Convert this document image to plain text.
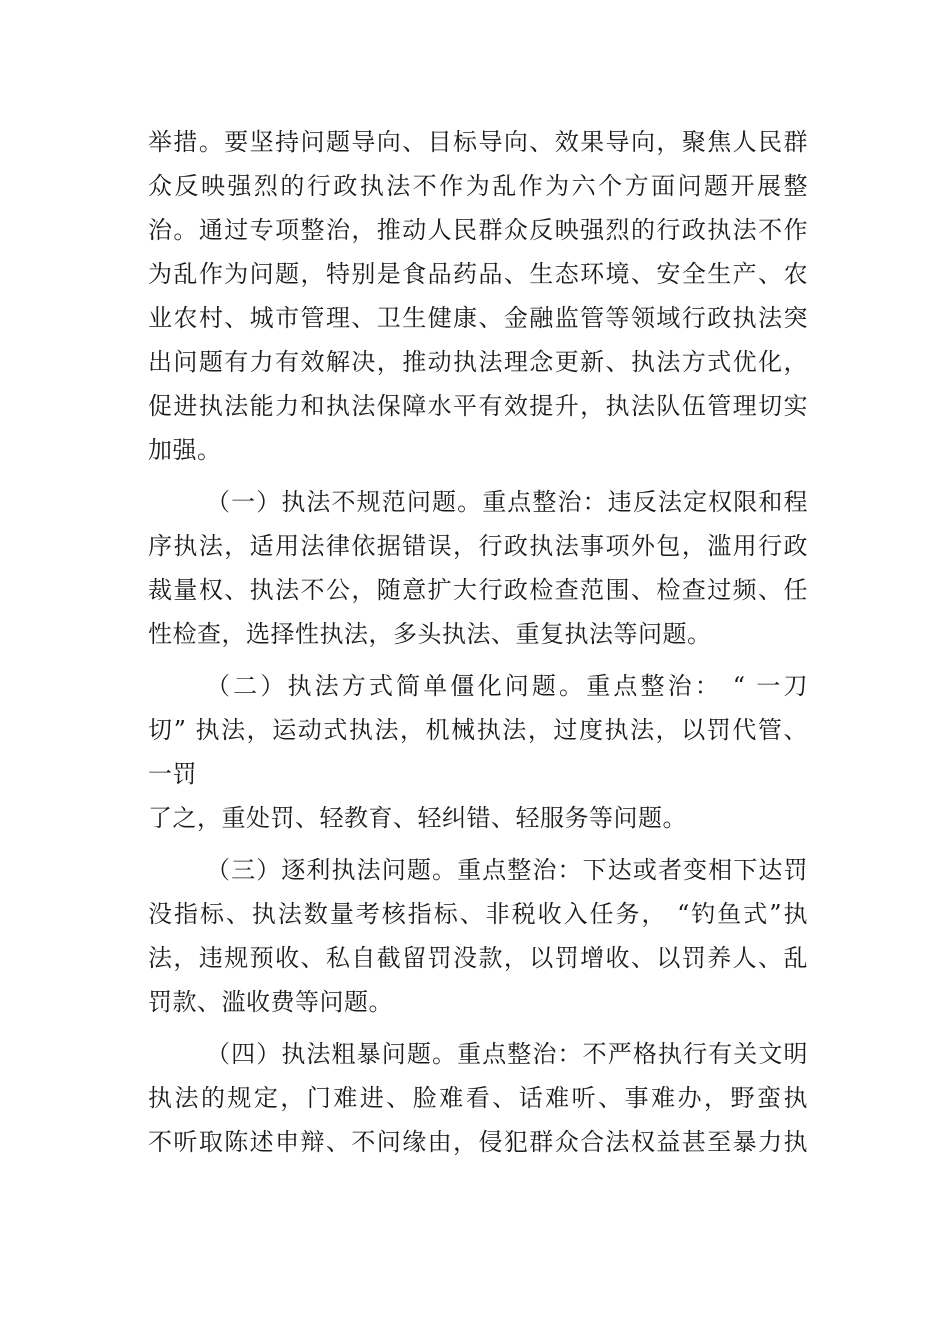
举措。要坚持问题导向、目标导向、效果导向，聚焦人民群
众反映强烈的行政执法不作为乱作为六个方面问题开展整
治。通过专项整治，推动人民群众反映强烈的行政执法不作
为乱作为问题，特别是食品药品、生态环境、安全生产、农
业农村、城市管理、卫生健康、金融监管等领域行政执法突
出问题有力有效解决，推动执法理念更新、执法方式优化，
促进执法能力和执法保障水平有效提升，执法队伍管理切实
加强。
（一）执法不规范问题。重点整治：违反法定权限和程
序执法，适用法律依据错误，行政执法事项外包，滥用行政
裁量权、执法不公，随意扩大行政检查范围、检查过频、任
性检查，选择性执法，多头执法、重复执法等问题。
（二）执法方式简单僵化问题。重点整治： “ 一刀
切” 执法，运动式执法，机械执法，过度执法，以罚代管、
一罚
了之，重处罚、轻教育、轻纠错、轻服务等问题。
（三）逐利执法问题。重点整治：下达或者变相下达罚
没指标、执法数量考核指标、非税收入任务， “钓鱼式”执
法，违规预收、私自截留罚没款，以罚增收、以罚养人、乱
罚款、滥收费等问题。
（四）执法粗暴问题。重点整治：不严格执行有关文明
执法的规定，门难进、脸难看、话难听、事难办，野蛮执
不听取陈述申辩、不问缘由，侵犯群众合法权益甚至暴力执
